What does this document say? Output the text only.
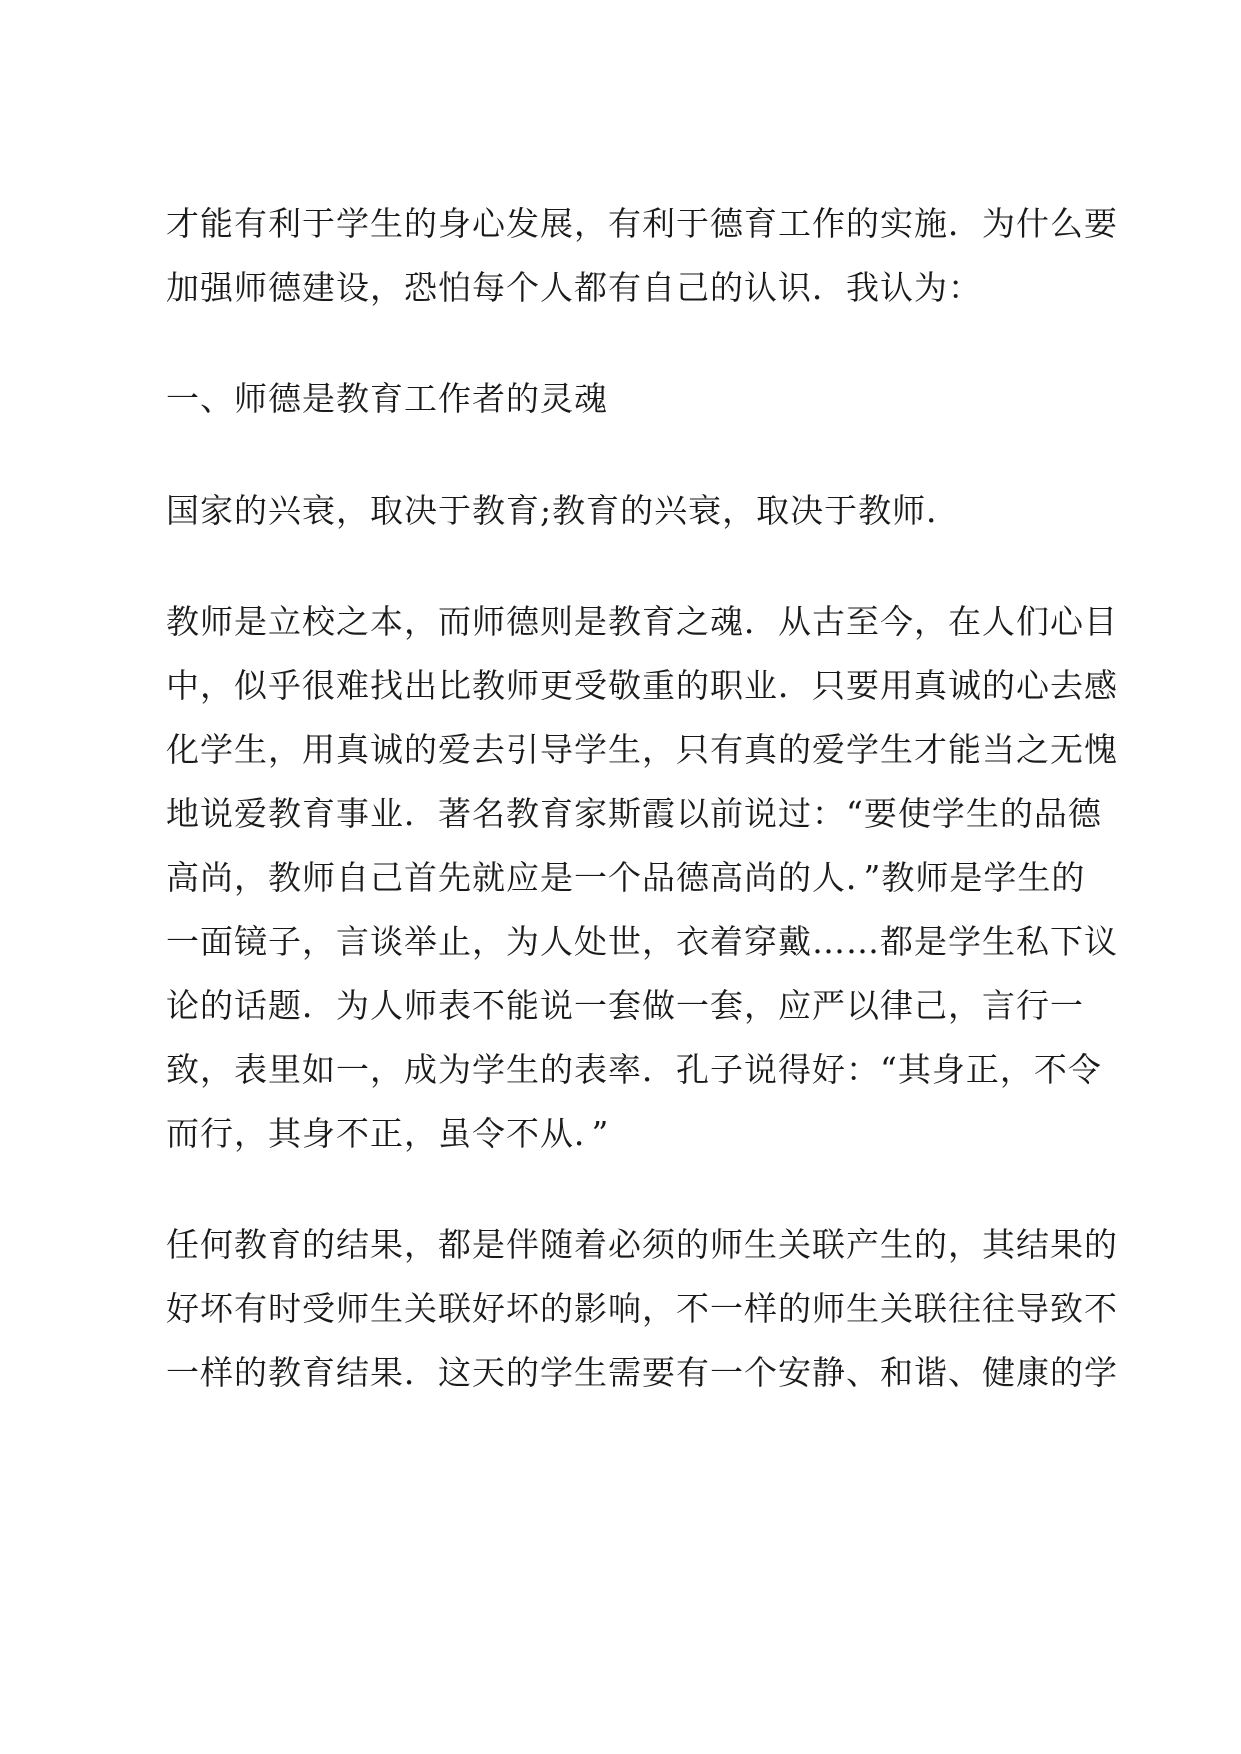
才能有利于学生的身心发展，有利于德育工作的实施．为什么要
加强师德建设，恐怕每个人都有自己的认识．我认为：
一、师德是教育工作者的灵魂
国家的兴衰，取决于教育;教育的兴衰，取决于教师．
教师是立校之本，而师德则是教育之魂．从古至今，在人们心目
中，似乎很难找出比教师更受敬重的职业．只要用真诚的心去感
化学生，用真诚的爱去引导学生，只有真的爱学生才能当之无愧
地说爱教育事业．著名教育家斯霞以前说过：“要使学生的品德
高尚，教师自己首先就应是一个品德高尚的人．”教师是学生的
一面镜子，言谈举止，为人处世，衣着穿戴……都是学生私下议
论的话题．为人师表不能说一套做一套，应严以律己，言行一
致，表里如一，成为学生的表率．孔子说得好：“其身正，不令
而行，其身不正，虽令不从．”
任何教育的结果，都是伴随着必须的师生关联产生的，其结果的
好坏有时受师生关联好坏的影响，不一样的师生关联往往导致不
一样的教育结果．这天的学生需要有一个安静、和谐、健康的学
